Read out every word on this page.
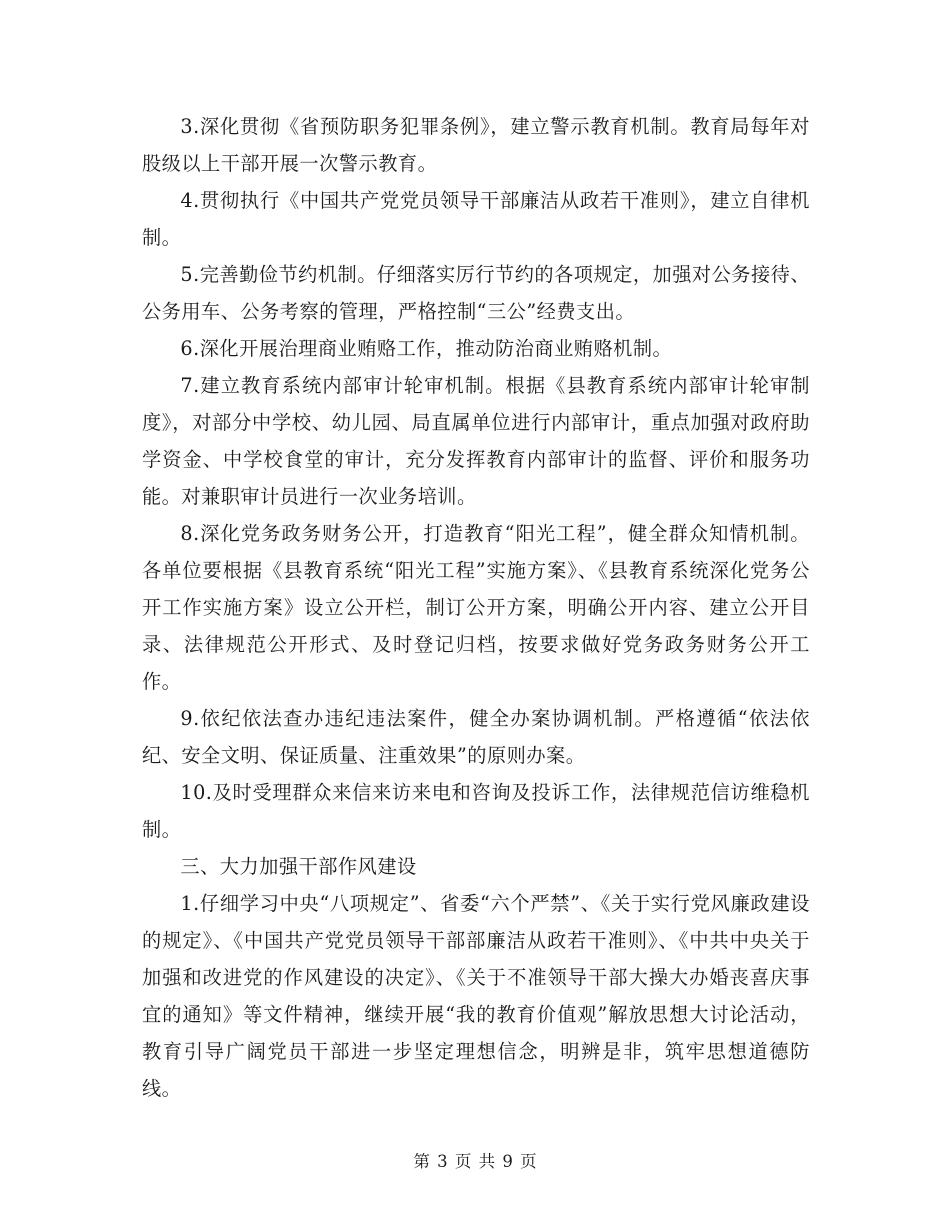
3.深化贯彻《省预防职务犯罪条例》，建立警示教育机制。教育局每年对股级以上干部开展一次警示教育。

4.贯彻执行《中国共产党党员领导干部廉洁从政若干准则》，建立自律机制。

5.完善勤俭节约机制。仔细落实厉行节约的各项规定，加强对公务接待、公务用车、公务考察的管理，严格控制“三公”经费支出。

6.深化开展治理商业贿赂工作，推动防治商业贿赂机制。

7.建立教育系统内部审计轮审机制。根据《县教育系统内部审计轮审制度》，对部分中学校、幼儿园、局直属单位进行内部审计，重点加强对政府助学资金、中学校食堂的审计，充分发挥教育内部审计的监督、评价和服务功能。对兼职审计员进行一次业务培训。

8.深化党务政务财务公开，打造教育“阳光工程”，健全群众知情机制。各单位要根据《县教育系统“阳光工程”实施方案》、《县教育系统深化党务公开工作实施方案》设立公开栏，制订公开方案，明确公开内容、建立公开目录、法律规范公开形式、及时登记归档，按要求做好党务政务财务公开工作。

9.依纪依法查办违纪违法案件，健全办案协调机制。严格遵循“依法依纪、安全文明、保证质量、注重效果”的原则办案。

10.及时受理群众来信来访来电和咨询及投诉工作，法律规范信访维稳机制。

三、大力加强干部作风建设

1.仔细学习中央“八项规定”、省委“六个严禁”、《关于实行党风廉政建设的规定》、《中国共产党党员领导干部部廉洁从政若干准则》、《中共中央关于加强和改进党的作风建设的决定》、《关于不准领导干部大操大办婚丧喜庆事宜的通知》等文件精神，继续开展“我的教育价值观”解放思想大讨论活动，教育引导广阔党员干部进一步坚定理想信念，明辨是非，筑牢思想道德防线。

第 3 页 共 9 页
